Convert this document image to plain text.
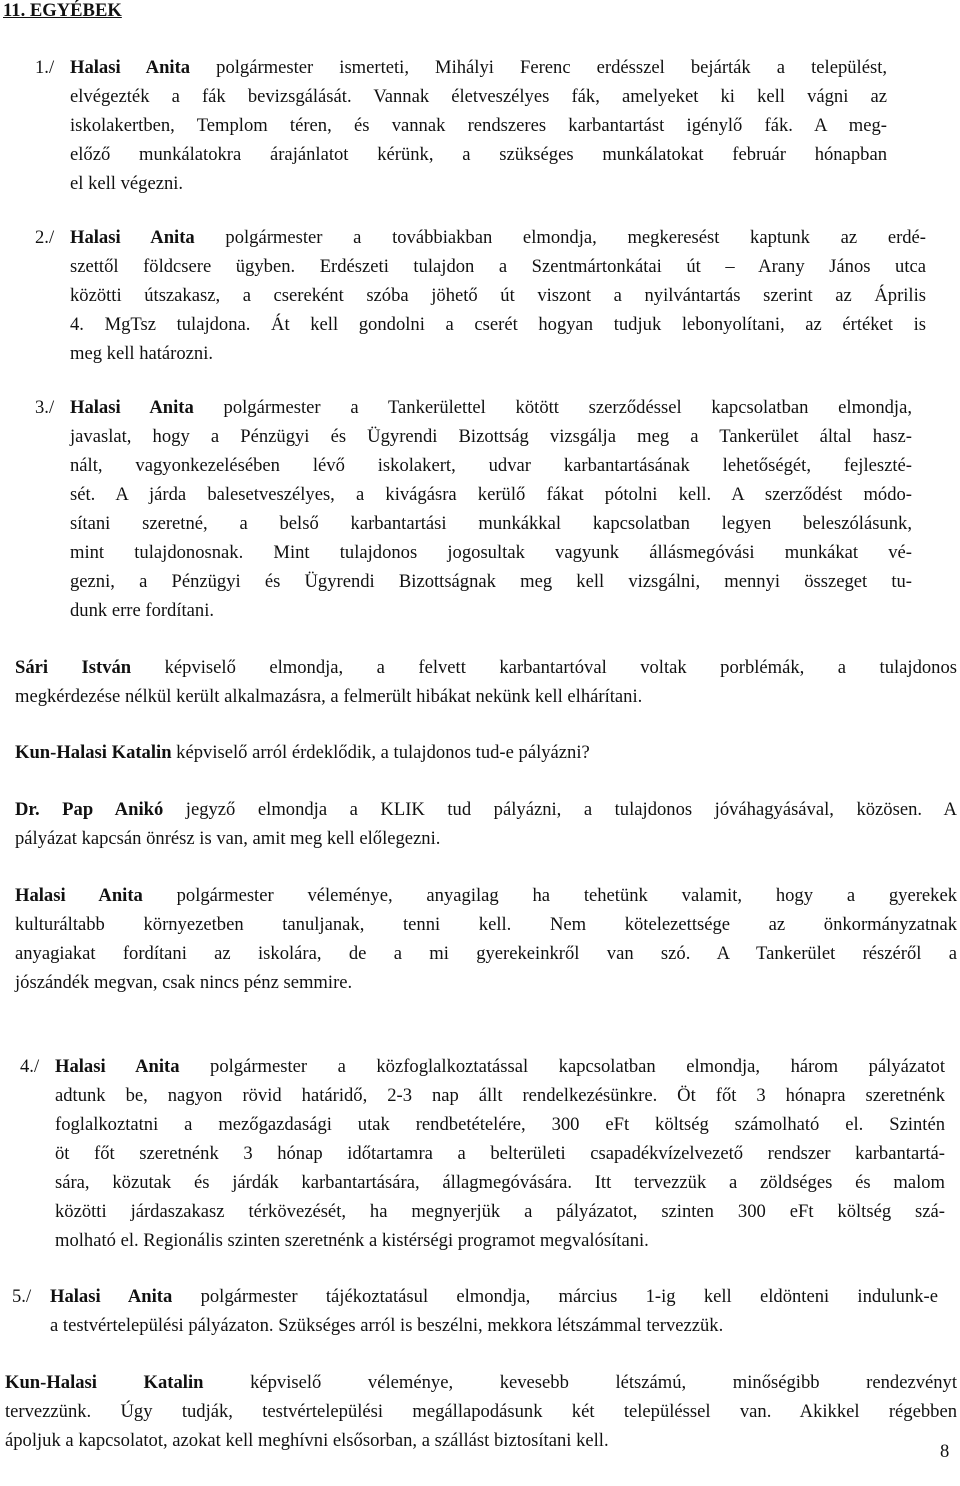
11. EGYÉBEK
1./ Halasi Anita polgármester ismerteti, Mihályi Ferenc erdésszel bejárták a települést,
elvégezték a fák bevizsgálását. Vannak életveszélyes fák, amelyeket ki kell vágni az
iskolakertben, Templom téren, és vannak rendszeres karbantartást igénylő fák. A meg-
előző munkálatokra árajánlatot kérünk, a szükséges munkálatokat február hónapban
el kell végezni.
2./ Halasi Anita polgármester a továbbiakban elmondja, megkeresést kaptunk az erdé-
szettől földcsere ügyben. Erdészeti tulajdon a Szentmártonkátai út – Arany János utca
közötti útszakasz, a csereként szóba jöhető út viszont a nyilvántartás szerint az Április
4. MgTsz tulajdona. Át kell gondolni a cserét hogyan tudjuk lebonyolítani, az értéket is
meg kell határozni.
3./ Halasi Anita polgármester a Tankerülettel kötött szerződéssel kapcsolatban elmondja,
javaslat, hogy a Pénzügyi és Ügyrendi Bizottság vizsgálja meg a Tankerület által hasz-
nált, vagyonkezelésében lévő iskolakert, udvar karbantartásának lehetőségét, fejleszté-
sét. A járda balesetveszélyes, a kivágásra kerülő fákat pótolni kell. A szerződést módo-
sítani szeretné, a belső karbantartási munkákkal kapcsolatban legyen beleszólásunk,
mint tulajdonosnak. Mint tulajdonos jogosultak vagyunk állásmegóvási munkákat vé-
gezni, a Pénzügyi és Ügyrendi Bizottságnak meg kell vizsgálni, mennyi összeget tu-
dunk erre fordítani.
Sári István képviselő elmondja, a felvett karbantartóval voltak porblémák, a tulajdonos
megkérdezése nélkül került alkalmazásra, a felmerült hibákat nekünk kell elhárítani.
Kun-Halasi Katalin képviselő arról érdeklődik, a tulajdonos tud-e pályázni?
Dr. Pap Anikó jegyző elmondja a KLIK tud pályázni, a tulajdonos jóváhagyásával, közösen. A
pályázat kapcsán önrész is van, amit meg kell előlegezni.
Halasi Anita polgármester véleménye, anyagilag ha tehetünk valamit, hogy a gyerekek
kulturáltabb környezetben tanuljanak, tenni kell. Nem kötelezettsége az önkormányzatnak
anyagiakat fordítani az iskolára, de a mi gyerekeinkről van szó. A Tankerület részéről a
jószándék megvan, csak nincs pénz semmire.
4./ Halasi Anita polgármester a közfoglalkoztatással kapcsolatban elmondja, három pályázatot
adtunk be, nagyon rövid határidő, 2-3 nap állt rendelkezésünkre. Öt főt 3 hónapra szeretnénk
foglalkoztatni a mezőgazdasági utak rendbetételére, 300 eFt költség számolható el. Szintén
öt főt szeretnénk 3 hónap időtartamra a belterületi csapadékvízelvezető rendszer karbantartá-
sára, közutak és járdák karbantartására, állagmegóvására. Itt tervezzük a zöldséges és malom
közötti járdaszakasz térkövezését, ha megnyerjük a pályázatot, szinten 300 eFt költség szá-
molható el. Regionális szinten szeretnénk a kistérségi programot megvalósítani.
5./ Halasi Anita polgármester tájékoztatásul elmondja, március 1-ig kell eldönteni indulunk-e
a testvértelepülési pályázaton. Szükséges arról is beszélni, mekkora létszámmal tervezzük.
Kun-Halasi Katalin képviselő véleménye, kevesebb létszámú, minőségibb rendezvényt
tervezzünk. Úgy tudják, testvértelepülési megállapodásunk két településsel van. Akikkel régebben
ápoljuk a kapcsolatot, azokat kell meghívni elsősorban, a szállást biztosítani kell.
8
